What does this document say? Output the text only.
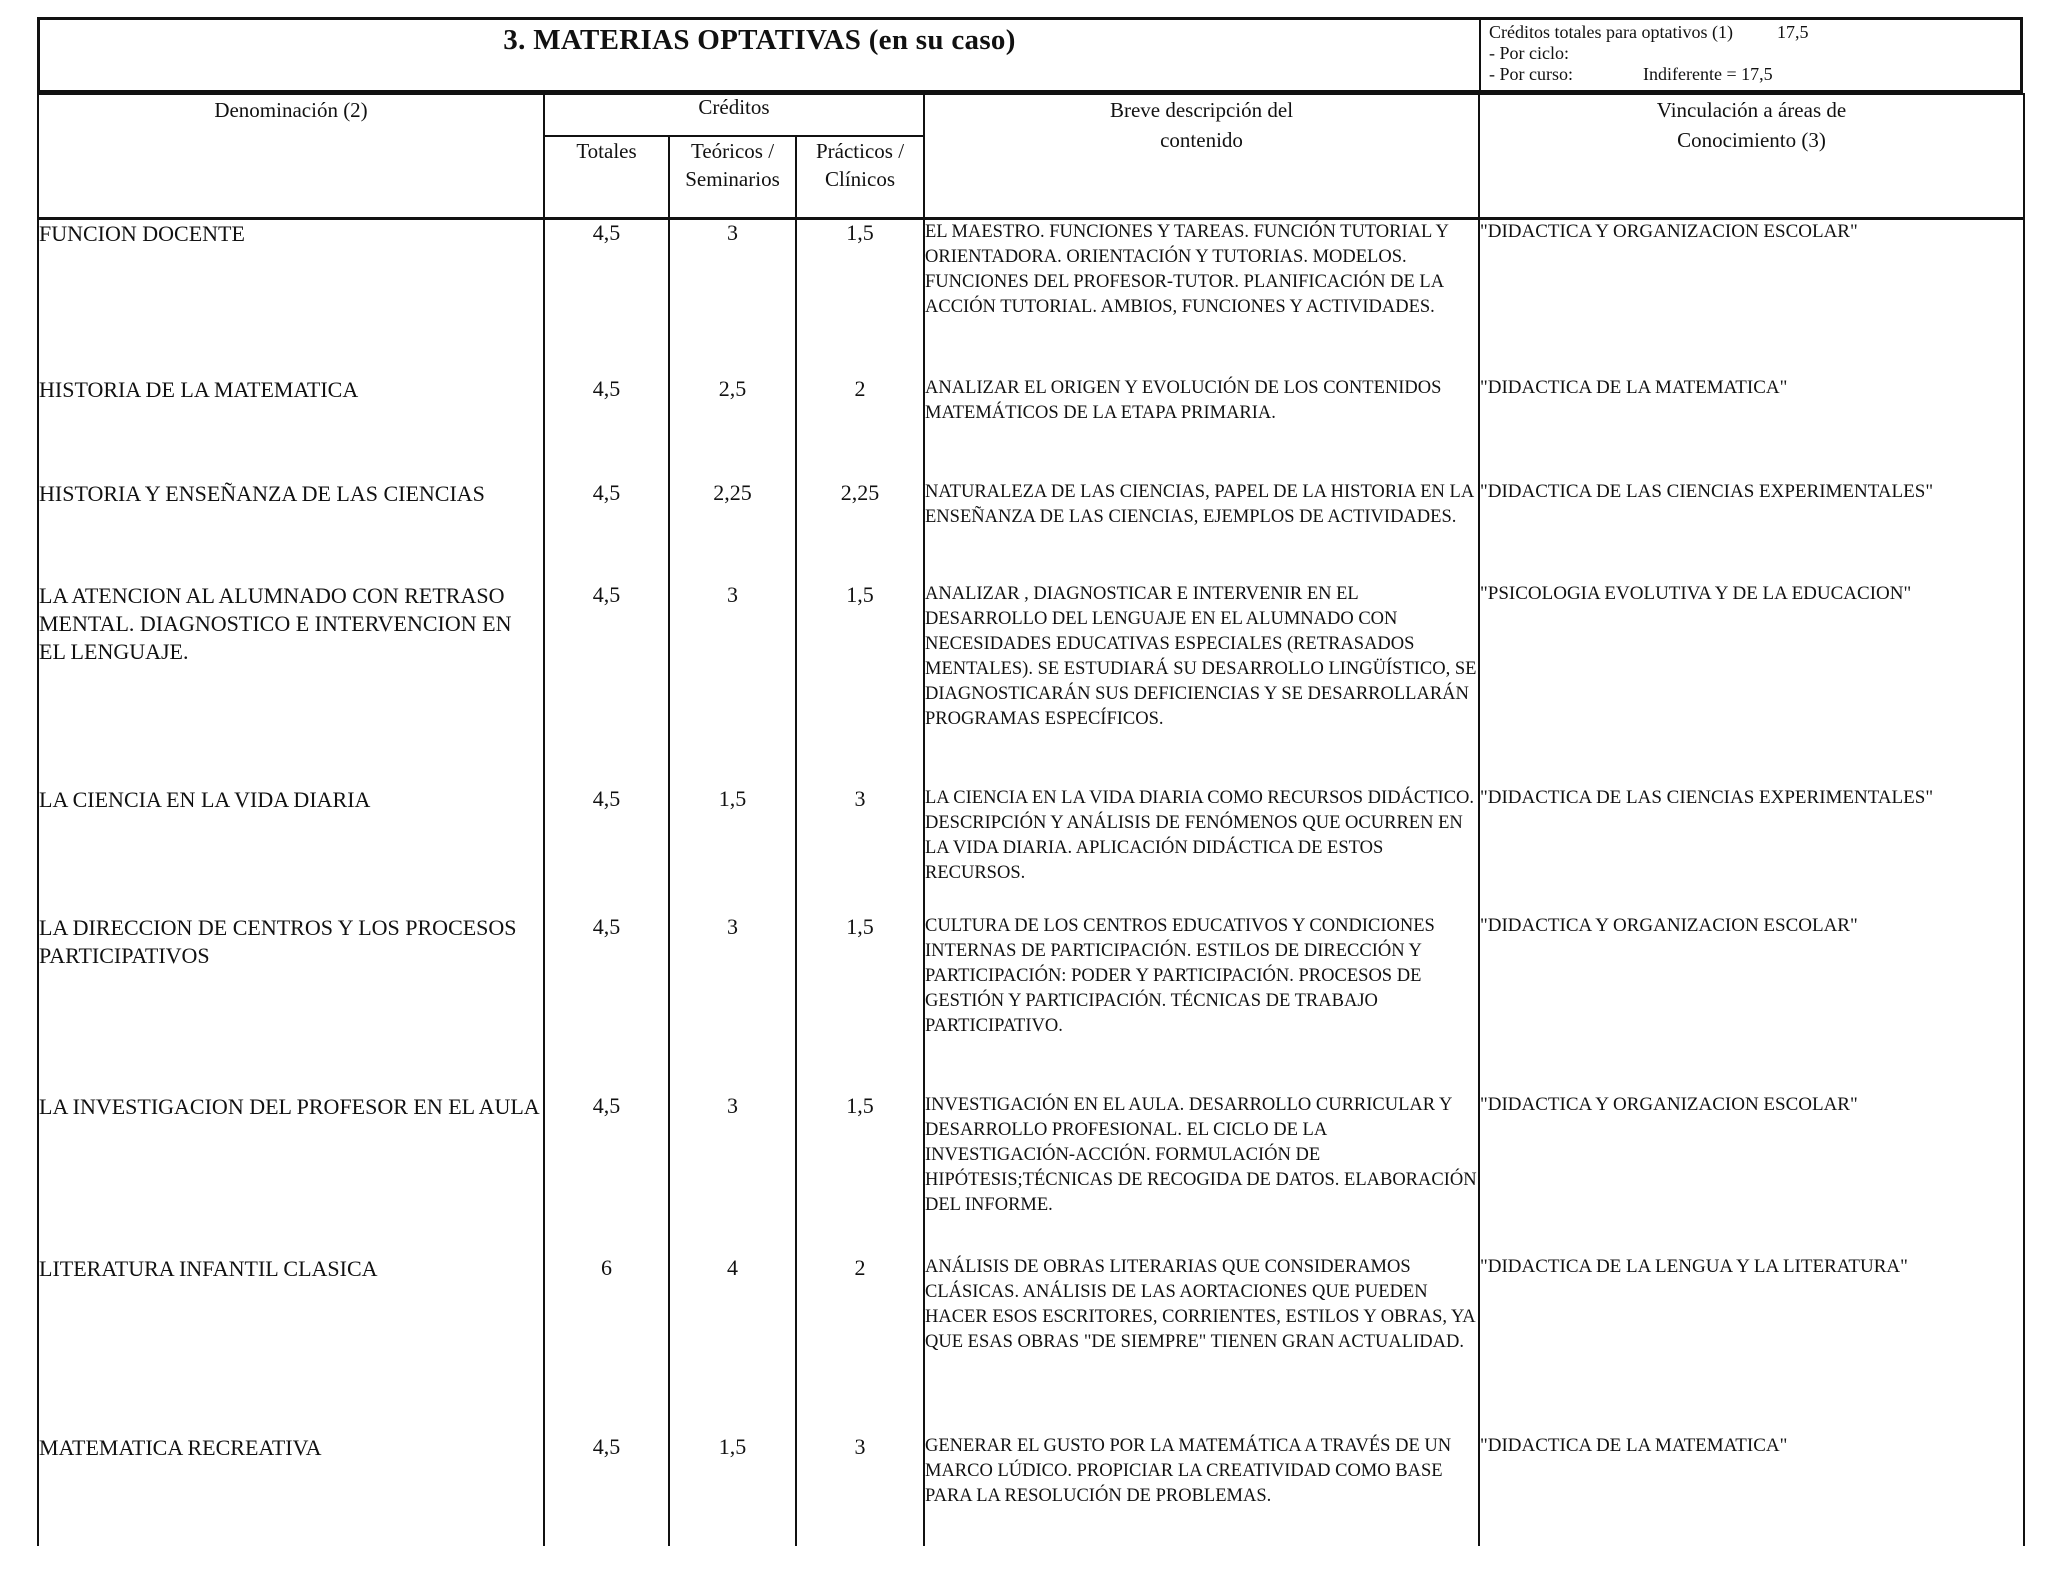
3. MATERIAS OPTATIVAS (en su caso)	Créditos totales para optativos (1) 17,5
- Por ciclo:
- Por curso:	Indiferente = 17,5
Denominación (2)	Créditos			Breve descripción del contenido	Vinculación a áreas de Conocimiento (3)

	Totales	Teóricos / Seminarios	Prácticos / Clínicos		

FUNCION DOCENTE	4,5	3	1,5	EL MAESTRO. FUNCIONES Y TAREAS. FUNCIÓN TUTORIAL Y ORIENTADORA. ORIENTACIÓN Y TUTORIAS. MODELOS. FUNCIONES DEL PROFESOR-TUTOR. PLANIFICACIÓN DE LA ACCIÓN TUTORIAL. AMBIOS, FUNCIONES Y ACTIVIDADES.	"DIDACTICA Y ORGANIZACION ESCOLAR"
HISTORIA DE LA MATEMATICA	4,5	2,5	2	ANALIZAR EL ORIGEN Y EVOLUCIÓN DE LOS CONTENIDOS MATEMÁTICOS DE LA ETAPA PRIMARIA.	"DIDACTICA DE LA MATEMATICA"
HISTORIA Y ENSEÑANZA DE LAS CIENCIAS	4,5	2,25	2,25	NATURALEZA DE LAS CIENCIAS, PAPEL DE LA HISTORIA EN LA ENSEÑANZA DE LAS CIENCIAS, EJEMPLOS DE ACTIVIDADES.	"DIDACTICA DE LAS CIENCIAS EXPERIMENTALES"
LA ATENCION AL ALUMNADO CON RETRASO MENTAL. DIAGNOSTICO E INTERVENCION EN EL LENGUAJE.	4,5	3	1,5	ANALIZAR , DIAGNOSTICAR E INTERVENIR EN EL DESARROLLO DEL LENGUAJE EN EL ALUMNADO CON NECESIDADES EDUCATIVAS ESPECIALES (RETRASADOS MENTALES). SE ESTUDIARÁ SU DESARROLLO LINGÜÍSTICO, SE DIAGNOSTICARÁN SUS DEFICIENCIAS Y SE DESARROLLARÁN PROGRAMAS ESPECÍFICOS.	"PSICOLOGIA EVOLUTIVA Y DE LA EDUCACION"
LA CIENCIA EN LA VIDA DIARIA	4,5	1,5	3	LA CIENCIA EN LA VIDA DIARIA COMO RECURSOS DIDÁCTICO. DESCRIPCIÓN Y ANÁLISIS DE FENÓMENOS QUE OCURREN EN LA VIDA DIARIA. APLICACIÓN DIDÁCTICA DE ESTOS RECURSOS.	"DIDACTICA DE LAS CIENCIAS EXPERIMENTALES"
LA DIRECCION DE CENTROS Y LOS PROCESOS PARTICIPATIVOS	4,5	3	1,5	CULTURA DE LOS CENTROS EDUCATIVOS Y CONDICIONES INTERNAS DE PARTICIPACIÓN. ESTILOS DE DIRECCIÓN Y PARTICIPACIÓN: PODER Y PARTICIPACIÓN. PROCESOS DE GESTIÓN Y PARTICIPACIÓN. TÉCNICAS DE TRABAJO PARTICIPATIVO.	"DIDACTICA Y ORGANIZACION ESCOLAR"
LA INVESTIGACION DEL PROFESOR EN EL AULA	4,5	3	1,5	INVESTIGACIÓN EN EL AULA. DESARROLLO CURRICULAR Y DESARROLLO PROFESIONAL. EL CICLO DE LA INVESTIGACIÓN-ACCIÓN. FORMULACIÓN DE HIPÓTESIS;TÉCNICAS DE RECOGIDA DE DATOS. ELABORACIÓN DEL INFORME.	"DIDACTICA Y ORGANIZACION ESCOLAR"
LITERATURA INFANTIL CLASICA	6	4	2	ANÁLISIS DE OBRAS LITERARIAS QUE CONSIDERAMOS CLÁSICAS. ANÁLISIS DE LAS AORTACIONES QUE PUEDEN HACER ESOS ESCRITORES, CORRIENTES, ESTILOS Y OBRAS, YA QUE ESAS OBRAS "DE SIEMPRE" TIENEN GRAN ACTUALIDAD.	"DIDACTICA DE LA LENGUA Y LA LITERATURA"
MATEMATICA RECREATIVA	4,5	1,5	3	GENERAR EL GUSTO POR LA MATEMÁTICA A TRAVÉS DE UN MARCO LÚDICO. PROPICIAR LA CREATIVIDAD COMO BASE PARA LA RESOLUCIÓN DE PROBLEMAS.	"DIDACTICA DE LA MATEMATICA"
